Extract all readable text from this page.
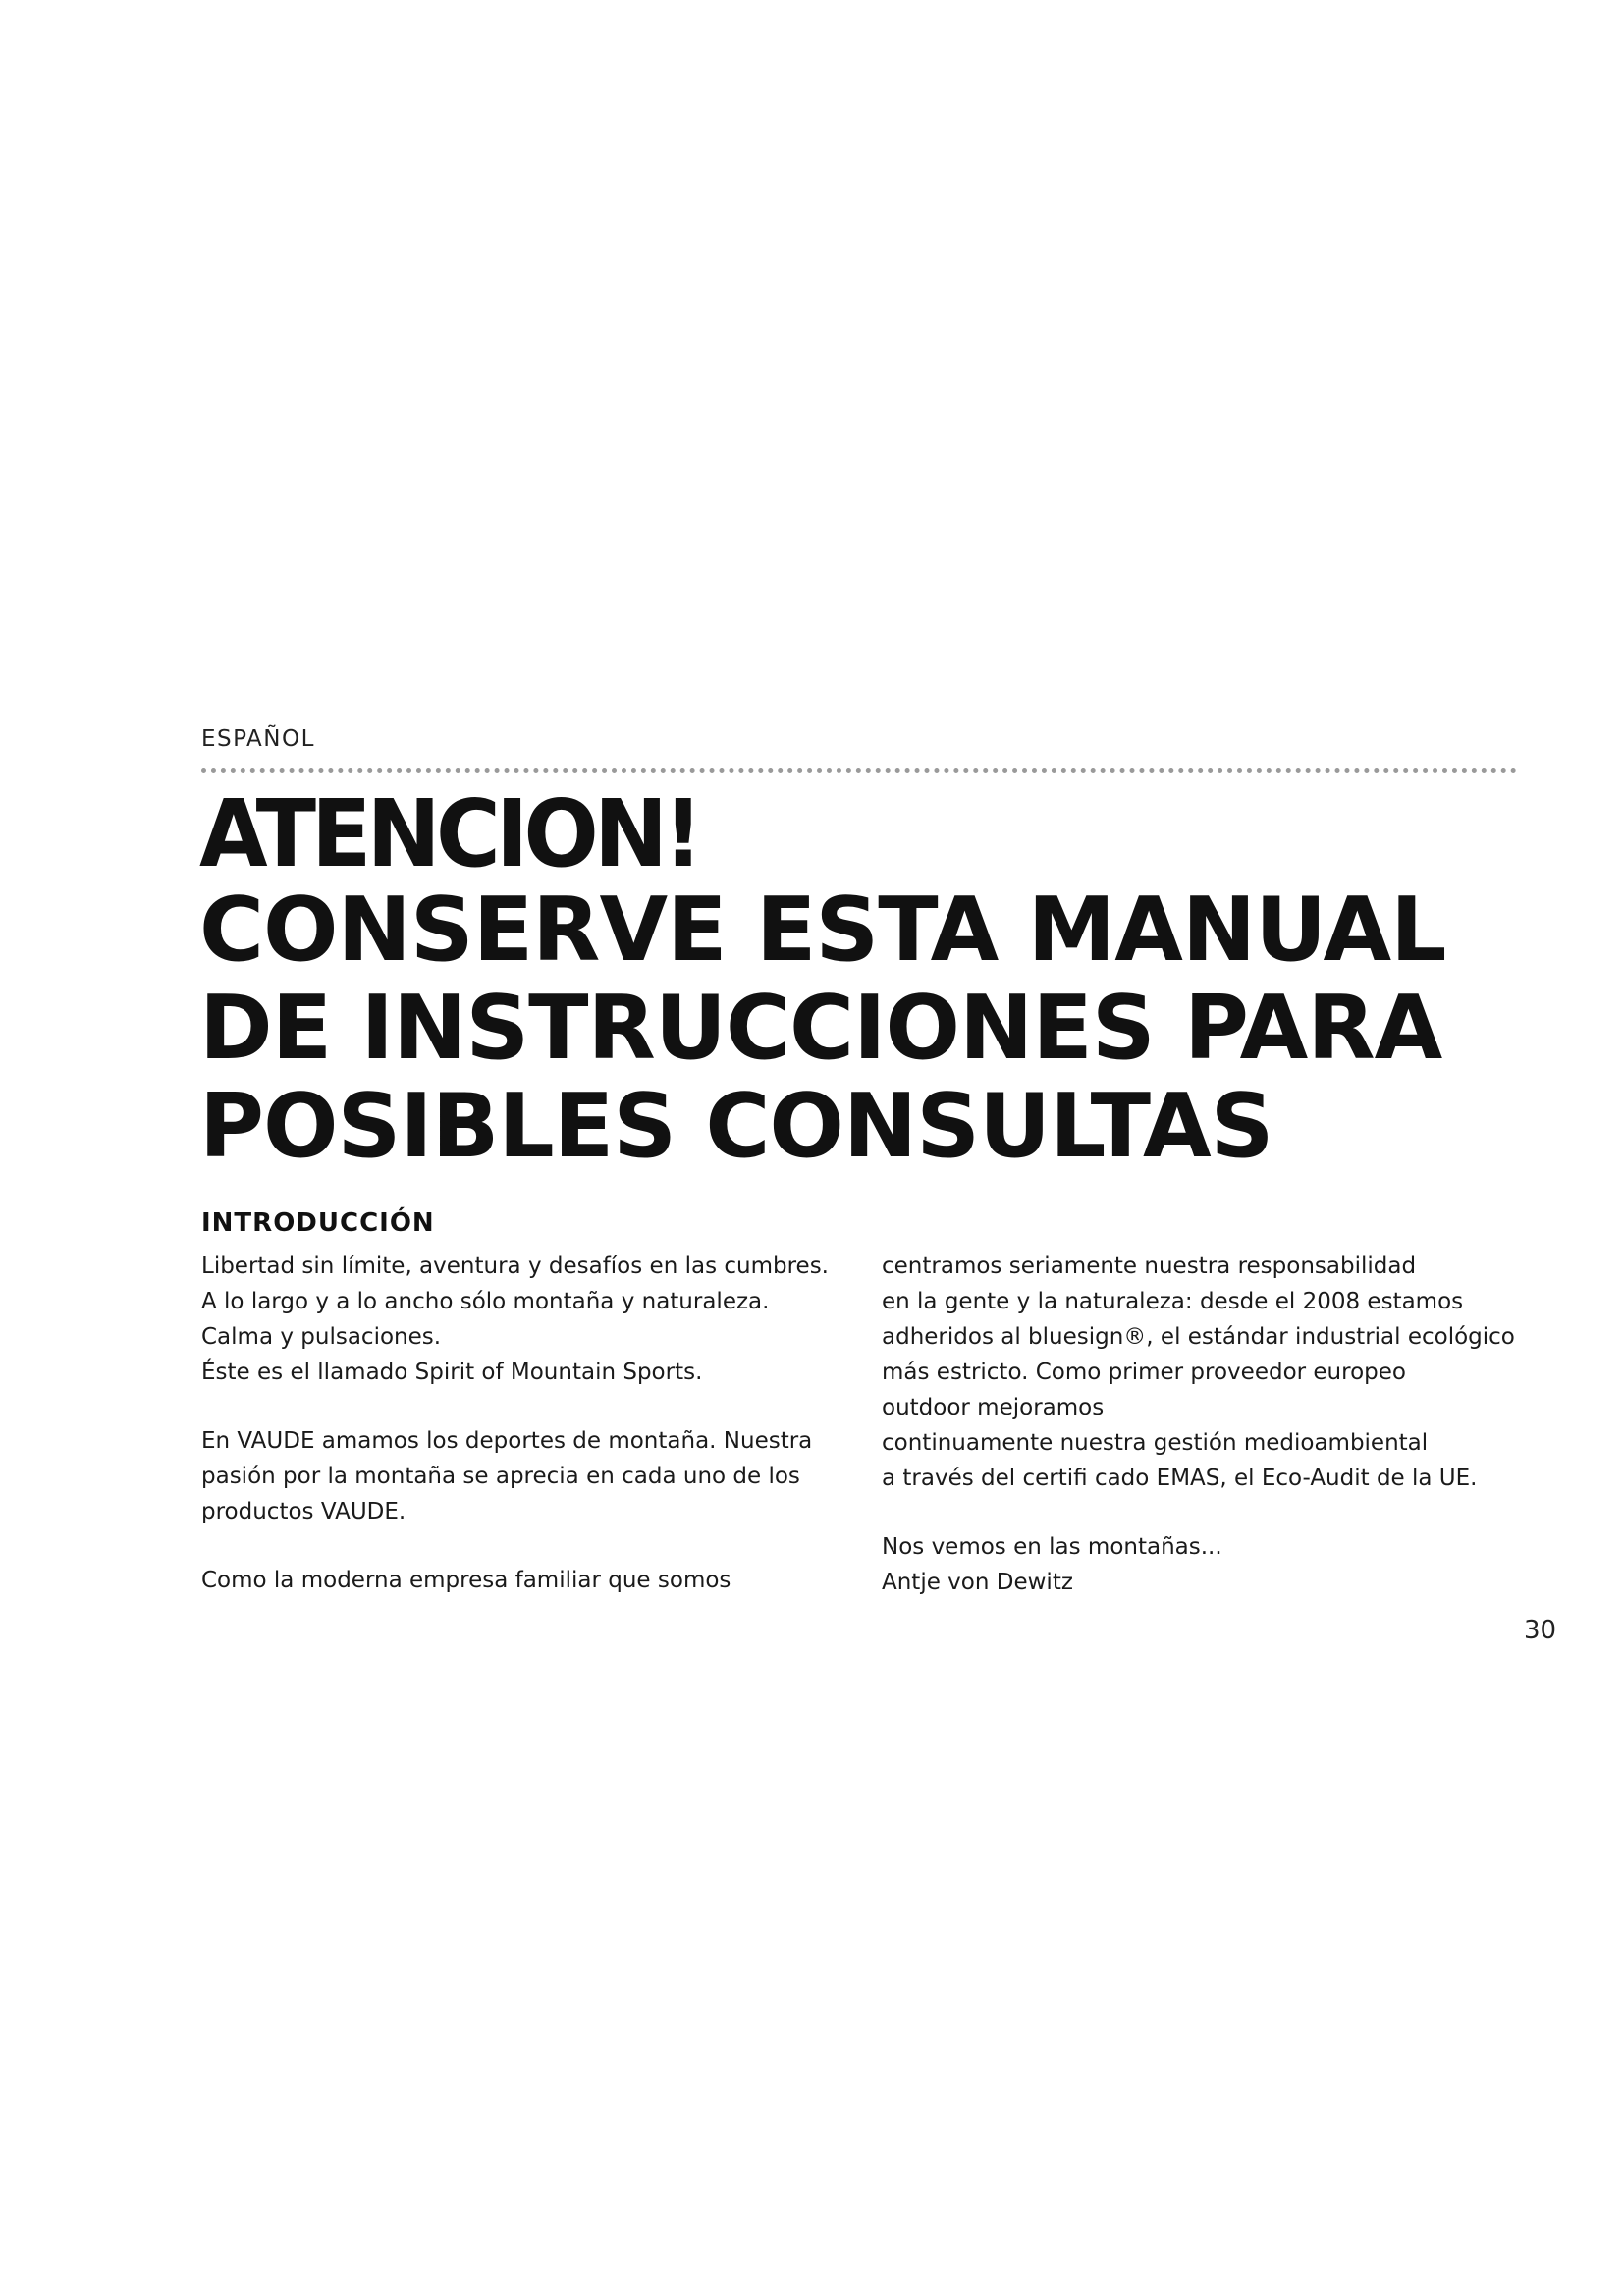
ESPAÑOL
ATENCION!
CONSERVE ESTA MANUAL
DE INSTRUCCIONES PARA
POSIBLES CONSULTAS
INTRODUCCIÓN
Libertad sin límite, aventura y desafíos en las cumbres.
A lo largo y a lo ancho sólo montaña y naturaleza.
Calma y pulsaciones.
Éste es el llamado Spirit of Mountain Sports.
En VAUDE amamos los deportes de montaña. Nuestra
pasión por la montaña se aprecia en cada uno de los
productos VAUDE.
Como la moderna empresa familiar que somos
centramos seriamente nuestra responsabilidad
en la gente y la naturaleza: desde el 2008 estamos
adheridos al bluesign®, el estándar industrial ecológico
más estricto. Como primer proveedor europeo
outdoor mejoramos
continuamente nuestra gestión medioambiental
a través del certifi cado EMAS, el Eco-Audit de la UE.
Nos vemos en las montañas...
Antje von Dewitz
30
